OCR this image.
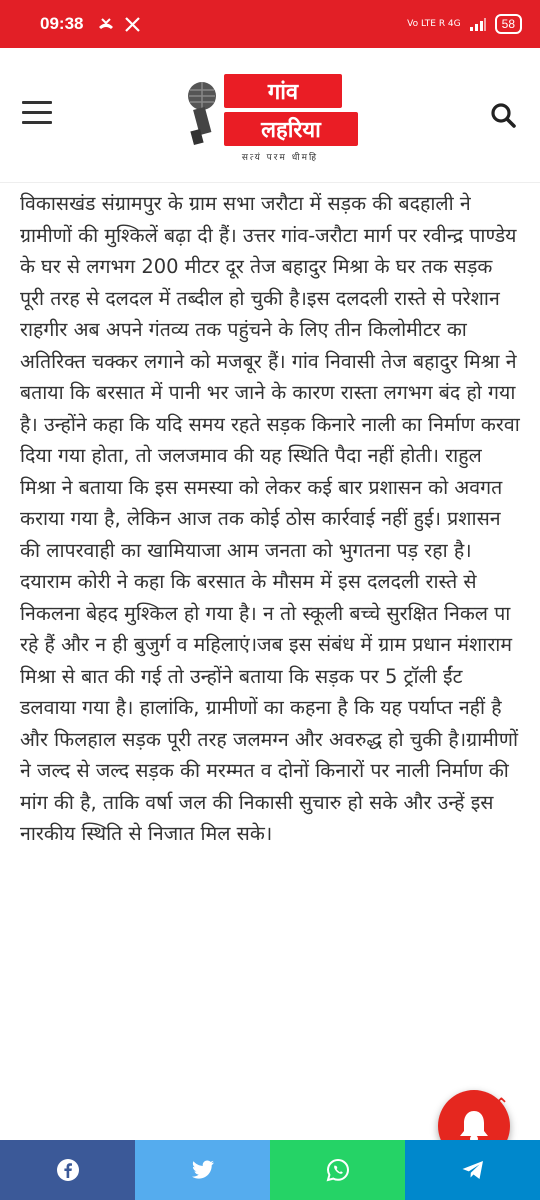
09:38	Vo LTE R 4G	58
गांव
लहरिया
सत्यं परम धीमहि

विकासखंड संग्रामपुर के ग्राम सभा जरौटा में सड़क की बदहाली ने ग्रामीणों की मुश्किलें बढ़ा दी हैं। उत्तर गांव-जरौटा मार्ग पर रवीन्द्र पाण्डेय के घर से लगभग 200 मीटर दूर तेज बहादुर मिश्रा के घर तक सड़क पूरी तरह से दलदल में तब्दील हो चुकी है।इस दलदली रास्ते से परेशान राहगीर अब अपने गंतव्य तक पहुंचने के लिए तीन किलोमीटर का अतिरिक्त चक्कर लगाने को मजबूर हैं। गांव निवासी तेज बहादुर मिश्रा ने बताया कि बरसात में पानी भर जाने के कारण रास्ता लगभग बंद हो गया है। उन्होंने कहा कि यदि समय रहते सड़क किनारे नाली का निर्माण करवा दिया गया होता, तो जलजमाव की यह स्थिति पैदा नहीं होती। राहुल मिश्रा ने बताया कि इस समस्या को लेकर कई बार प्रशासन को अवगत कराया गया है, लेकिन आज तक कोई ठोस कार्रवाई नहीं हुई। प्रशासन की लापरवाही का खामियाजा आम जनता को भुगतना पड़ रहा है।दयाराम कोरी ने कहा कि बरसात के मौसम में इस दलदली रास्ते से निकलना बेहद मुश्किल हो गया है। न तो स्कूली बच्चे सुरक्षित निकल पा रहे हैं और न ही बुजुर्ग व महिलाएं।जब इस संबंध में ग्राम प्रधान मंशाराम मिश्रा से बात की गई तो उन्होंने बताया कि सड़क पर 5 ट्रॉली ईंट डलवाया गया है। हालांकि, ग्रामीणों का कहना है कि यह पर्याप्त नहीं है और फिलहाल सड़क पूरी तरह जलमग्न और अवरुद्ध हो चुकी है।ग्रामीणों ने जल्द से जल्द सड़क की मरम्मत व दोनों किनारों पर नाली निर्माण की मांग की है, ताकि वर्षा जल की निकासी सुचारु हो सके और उन्हें इस नारकीय स्थिति से निजात मिल सके।

⌃
